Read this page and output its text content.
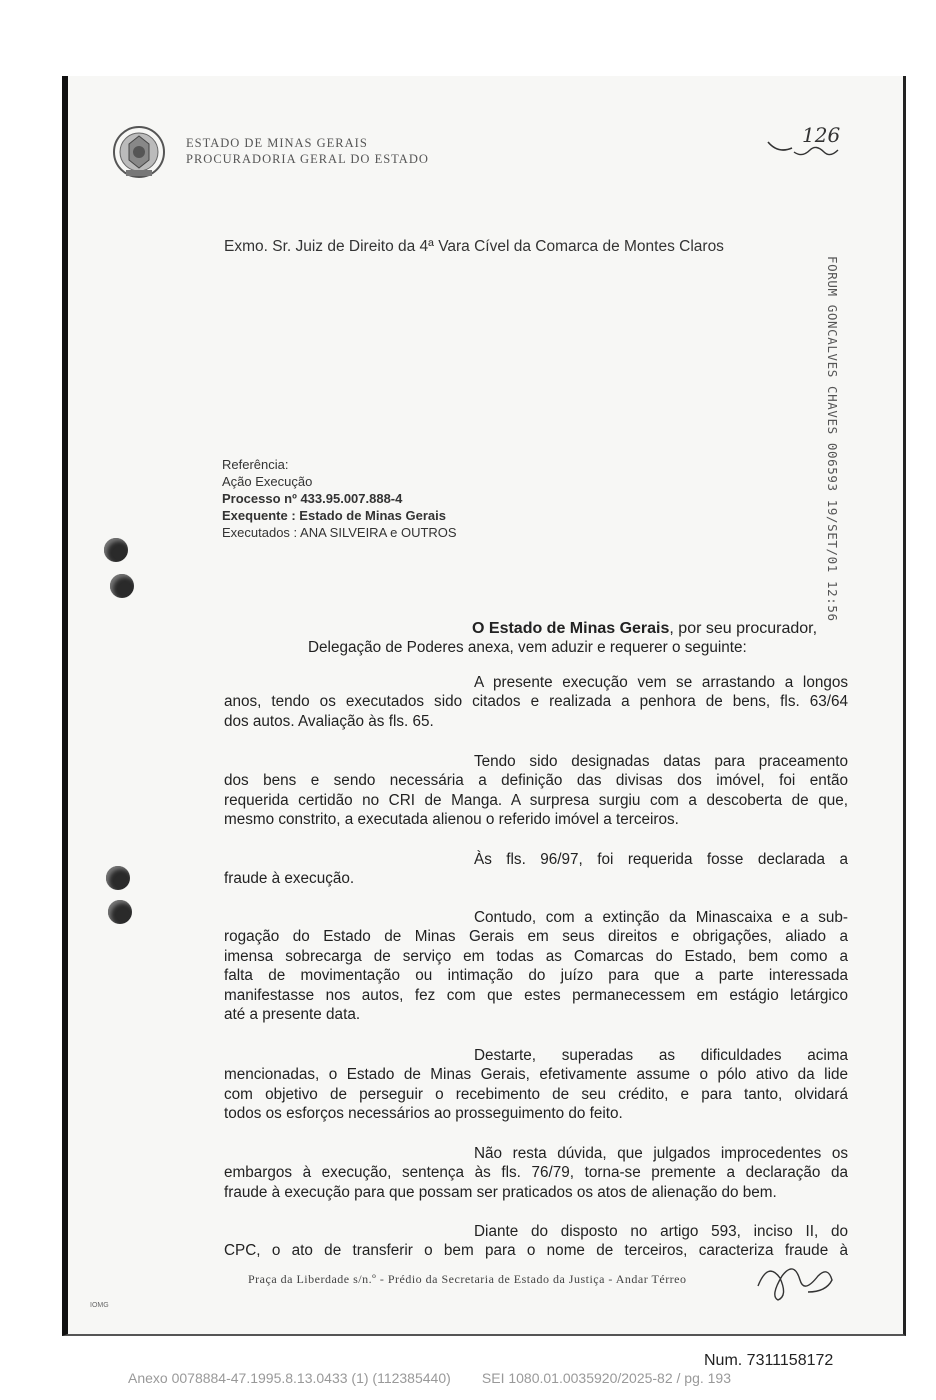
ESTADO DE MINAS GERAIS
PROCURADORIA GERAL DO ESTADO
126
Exmo. Sr. Juiz de Direito da 4ª Vara Cível da Comarca de Montes Claros
FORUM GONCALVES CHAVES 006593 19/SET/01 12:56
Referência:
Ação Execução
Processo nº 433.95.007.888-4
Exequente : Estado de Minas Gerais
Executados : ANA SILVEIRA e OUTROS
O Estado de Minas Gerais, por seu procurador,
Delegação de Poderes anexa, vem aduzir e requerer o seguinte:
A presente execução vem se arrastando a longos
anos, tendo os executados sido citados e realizada a penhora de bens, fls. 63/64
dos autos. Avaliação às fls. 65.
Tendo sido designadas datas para praceamento
dos bens e sendo necessária a definição das divisas dos imóvel, foi então
requerida certidão no CRI de Manga. A surpresa surgiu com a descoberta de que,
mesmo constrito, a executada alienou o referido imóvel a terceiros.
Às fls. 96/97, foi requerida fosse declarada a
fraude à execução.
Contudo, com a extinção da Minascaixa e a sub-
rogação do Estado de Minas Gerais em seus direitos e obrigações, aliado a
imensa sobrecarga de serviço em todas as Comarcas do Estado, bem como a
falta de movimentação ou intimação do juízo para que a parte interessada
manifestasse nos autos, fez com que estes permanecessem em estágio letárgico
até a presente data.
Destarte, superadas as dificuldades acima
mencionadas, o Estado de Minas Gerais, efetivamente assume o pólo ativo da lide
com objetivo de perseguir o recebimento de seu crédito, e para tanto, olvidará
todos os esforços necessários ao prosseguimento do feito.
Não resta dúvida, que julgados improcedentes os
embargos à execução, sentença às fls. 76/79, torna-se premente a declaração da
fraude à execução para que possam ser praticados os atos de alienação do bem.
Diante do disposto no artigo 593, inciso II, do
CPC, o ato de transferir o bem para o nome de terceiros, caracteriza fraude à
Praça da Liberdade s/n.º - Prédio da Secretaria de Estado da Justiça - Andar Térreo
IOMG
Num. 7311158172
Anexo 0078884-47.1995.8.13.0433 (1) (112385440)        SEI 1080.01.0035920/2025-82 / pg. 193
